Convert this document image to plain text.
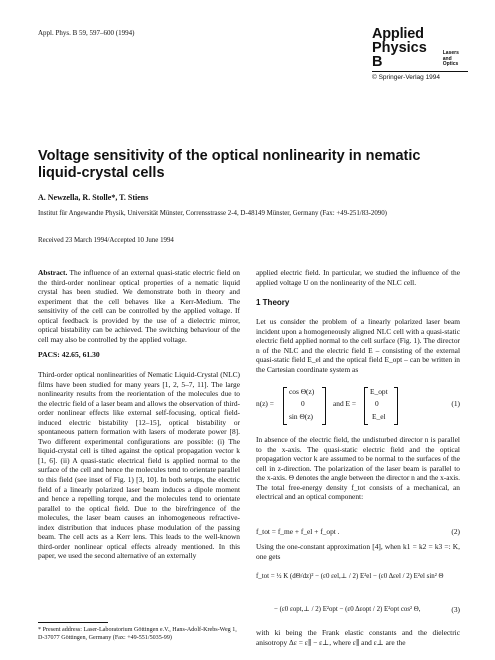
Appl. Phys. B 59, 597–600 (1994)	Applied
Physics B
Lasers
and Optics
© Springer-Verlag 1994
Voltage sensitivity of the optical nonlinearity in nematic liquid-crystal cells
A. Newzella, R. Stolle*, T. Stiens
Institut für Angewandte Physik, Universität Münster, Corrensstrasse 2-4, D-48149 Münster, Germany (Fax: +49-251/83-2090)
Received 23 March 1994/Accepted 10 June 1994

Abstract. The influence of an external quasi-static electric field on the third-order nonlinear optical properties of a nematic liquid crystal has been studied. We demonstrate both in theory and experiment that the cell behaves like a Kerr-Medium. The sensitivity of the cell can be controlled by the applied voltage. If optical feedback is provided by the use of a dielectric mirror, optical bistability can be achieved. The switching behaviour of the cell may also be controlled by the applied voltage.

PACS: 42.65, 61.30

Third-order optical nonlinearities of Nematic Liquid-Crystal (NLC) films have been studied for many years [1, 2, 5–7, 11]. The large nonlinearity results from the reorientation of the molecules due to the electric field of a laser beam and allows the observation of third-order nonlinear effects like external self-focusing, optical field-induced electric bistability [12–15], optical bistability or spontaneous pattern formation with lasers of moderate power [8]. Two different experimental configurations are possible: (i) The liquid-crystal cell is tilted against the optical propagation vector k [1, 6]. (ii) A quasi-static electrical field is applied normal to the surface of the cell and hence the molecules tend to orientate parallel to this field (see inset of Fig. 1) [3, 10]. In both setups, the electric field of a linearly polarized laser beam induces a dipole moment and hence a repelling torque, and the molecules tend to orientate parallel to the optical field. Due to the birefringence of the molecules, the laser beam causes an inhomogeneous refractive-index distribution that induces phase modulation of the passing beam. The cell acts as a Kerr lens. This leads to the well-known third-order nonlinear optical effects already mentioned. In this paper, we used the second alternative of an externally

* Present address: Laser-Laboratorium Göttingen e.V., Hans-Adolf-Krebs-Weg 1, D-37077 Göttingen, Germany (Fax: +49-551/5035-99)
applied electric field. In particular, we studied the influence of the applied voltage U on the nonlinearity of the NLC cell.
1 Theory
Let us consider the problem of a linearly polarized laser beam incident upon a homogeneously aligned NLC cell with a quasi-static electric field applied normal to the cell surface (Fig. 1). The director n of the NLC and the electric field E – consisting of the external quasi-static field E_el and the optical field E_opt – can be written in the Cartesian coordinate system as
n(z) =
cos Θ(z)
0
sin Θ(z)
and E =
E_opt
0
E_el
(1)
In absence of the electric field, the undisturbed director n is parallel to the x-axis. The quasi-static electric field and the optical propagation vector k are assumed to be normal to the surfaces of the cell in z-direction. The polarization of the laser beam is parallel to the x-axis. Θ denotes the angle between the director n and the x-axis. The total free-energy density f_tot consists of a mechanical, an electrical and an optical component:
f_tot = f_me + f_el + f_opt .	(2)
Using the one-constant approximation [4], when k1 = k2 = k3 =: K, one gets
f_tot = ½ K (dΘ/dz)² − (ε0 εel,⊥ / 2) E²el − (ε0 Δεel / 2) E²el sin² Θ
− (ε0 εopt,⊥ / 2) E²opt − (ε0 Δεopt / 2) E²opt cos² Θ,	(3)
with ki being the Frank elastic constants and the dielectric anisotropy Δε = ε∥ − ε⊥, where ε∥ and ε⊥ are the
